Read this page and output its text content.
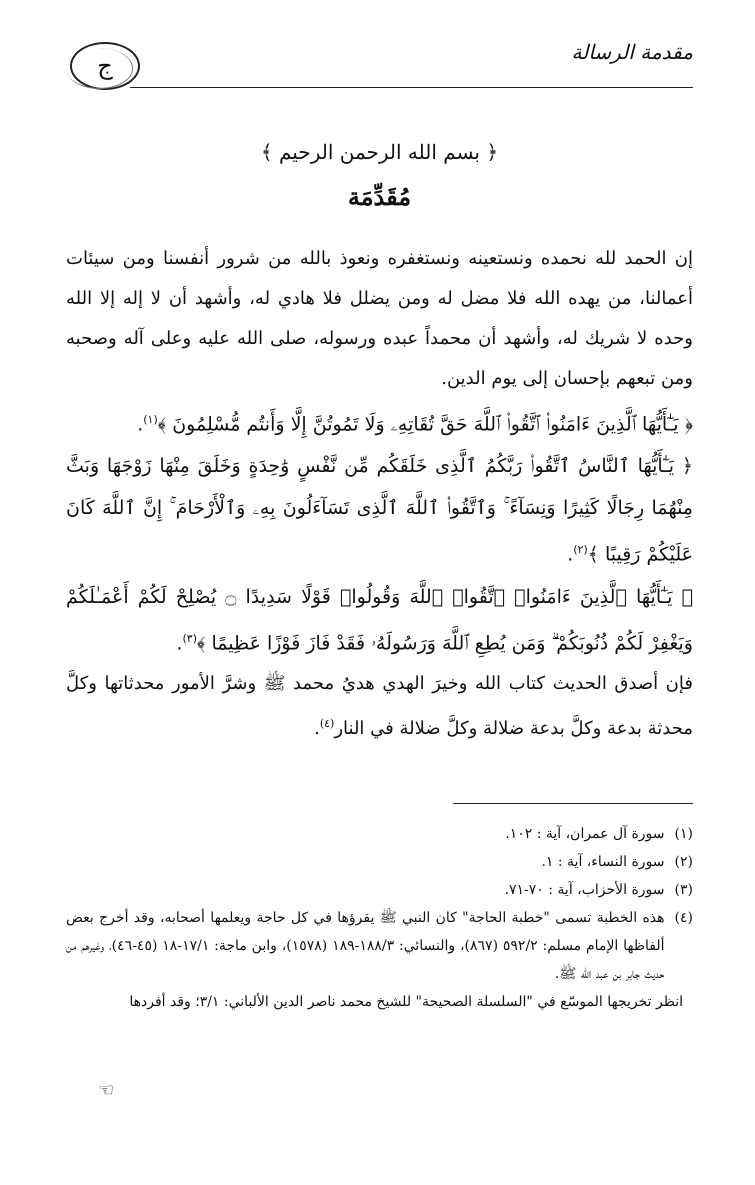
مقدمة الرسالة
ج
﴿ بسم الله الرحمن الرحيم ﴾
مُقَدِّمَة

إن الحمد لله نحمده ونستعينه ونستغفره ونعوذ بالله من شرور أنفسنا ومن سيئات أعمالنا، من يهده الله فلا مضل له ومن يضلل فلا هادي له، وأشهد أن لا إله إلا الله وحده لا شريك له، وأشهد أن محمداً عبده ورسوله، صلى الله عليه وعلى آله وصحبه ومن تبعهم بإحسان إلى يوم الدين.

﴿ يَـٰٓأَيُّهَا ٱلَّذِينَ ءَامَنُوا۟ ٱتَّقُوا۟ ٱللَّهَ حَقَّ تُقَاتِهِۦ وَلَا تَمُوتُنَّ إِلَّا وَأَنتُم مُّسْلِمُونَ ﴾$^{(١)}$.

﴿ يَـٰٓأَيُّهَا ٱلنَّاسُ ٱتَّقُوا۟ رَبَّكُمُ ٱلَّذِى خَلَقَكُم مِّن نَّفْسٍ وَٰحِدَةٍ وَخَلَقَ مِنْهَا زَوْجَهَا وَبَثَّ مِنْهُمَا رِجَالًا كَثِيرًا وَنِسَآءً ۚ وَٱتَّقُوا۟ ٱللَّهَ ٱلَّذِى تَسَآءَلُونَ بِهِۦ وَٱلْأَرْحَامَ ۚ إِنَّ ٱللَّهَ كَانَ عَلَيْكُمْ رَقِيبًا ﴾$^{(٢)}$.

﴿ يَـٰٓأَيُّهَا ٱلَّذِينَ ءَامَنُوا۟ ٱتَّقُوا۟ ٱللَّهَ وَقُولُوا۟ قَوْلًا سَدِيدًا ۝ يُصْلِحْ لَكُمْ أَعْمَـٰلَكُمْ وَيَغْفِرْ لَكُمْ ذُنُوبَكُمْ ۗ وَمَن يُطِعِ ٱللَّهَ وَرَسُولَهُۥ فَقَدْ فَازَ فَوْزًا عَظِيمًا ﴾$^{(٣)}$.

فإن أصدق الحديث كتاب الله وخيرَ الهدي هديُ محمد ﷺ وشرَّ الأمور محدثاتها وكلَّ محدثة بدعة وكلَّ بدعة ضلالة وكلَّ ضلالة في النار$^{(٤)}$.

(١)
سورة آل عمران، آية : ١٠٢.
(٢)
سورة النساء، آية : ١.
(٣)
سورة الأحزاب، آية : ٧٠-٧١.
(٤)
هذه الخطبة تسمى "خطبة الحاجة" كان النبي ﷺ يقرؤها في كل حاجة ويعلمها أصحابه، وقد أخرج بعض ألفاظها الإمام مسلم: ٥٩٢/٢ (٨٦٧)، والنسائي: ١٨٨/٣-١٨٩ (١٥٧٨)، وابن ماجة: ١٧/١-١٨ (٤٥-٤٦)، وغيرهم من حديث جابر بن عبد الله ﷺ.
انظر تخريجها الموسّع في "السلسلة الصحيحة" للشيخ محمد ناصر الدين الألباني: ٣/١؛ وقد أفردها
☜
